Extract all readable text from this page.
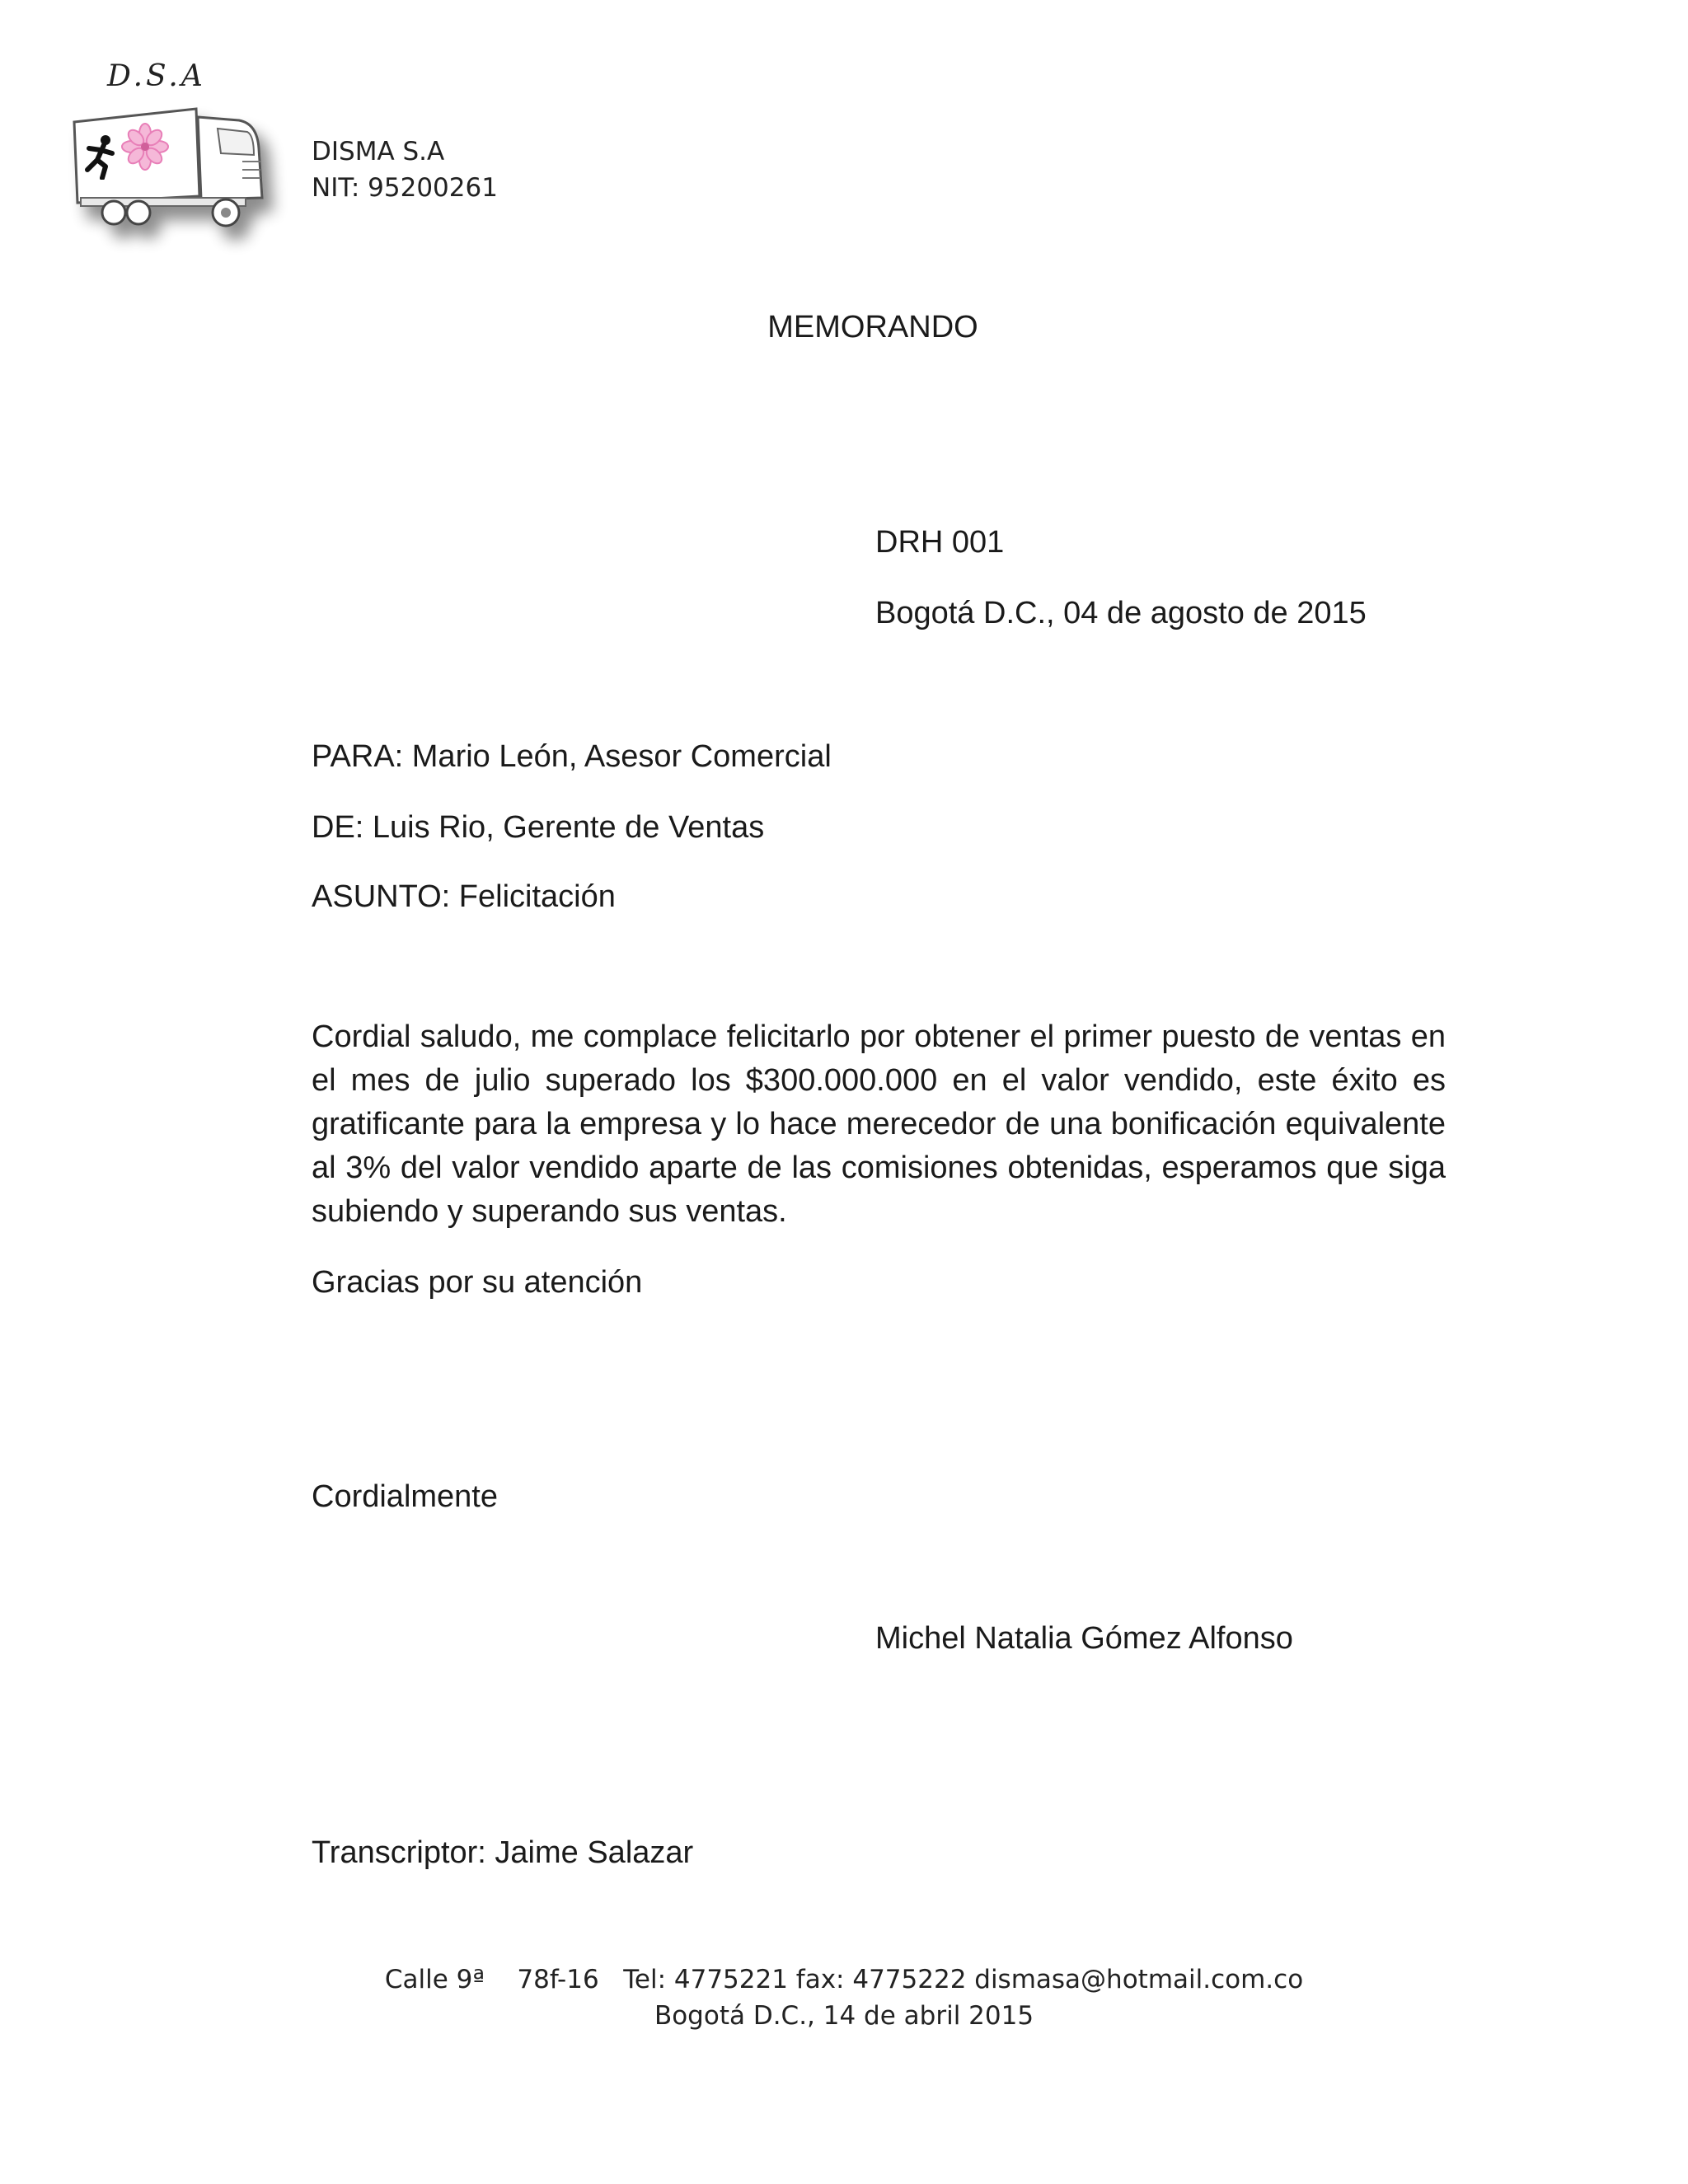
D.S.A
DISMA S.A
NIT: 95200261
MEMORANDO
DRH 001
Bogotá D.C., 04 de agosto de 2015
PARA: Mario León, Asesor Comercial
DE: Luis Rio, Gerente de Ventas
ASUNTO: Felicitación
Cordial saludo, me complace felicitarlo por obtener el primer puesto de ventas en el mes de julio superado los $300.000.000 en el valor vendido, este éxito es gratificante para la empresa y lo hace merecedor de una bonificación equivalente al 3% del valor vendido aparte de las comisiones obtenidas, esperamos que siga subiendo y superando sus ventas.
Gracias por su atención
Cordialmente
Michel Natalia Gómez Alfonso
Transcriptor: Jaime Salazar
Calle 9ª    78f-16   Tel: 4775221 fax: 4775222 dismasa@hotmail.com.co
Bogotá D.C., 14 de abril 2015
